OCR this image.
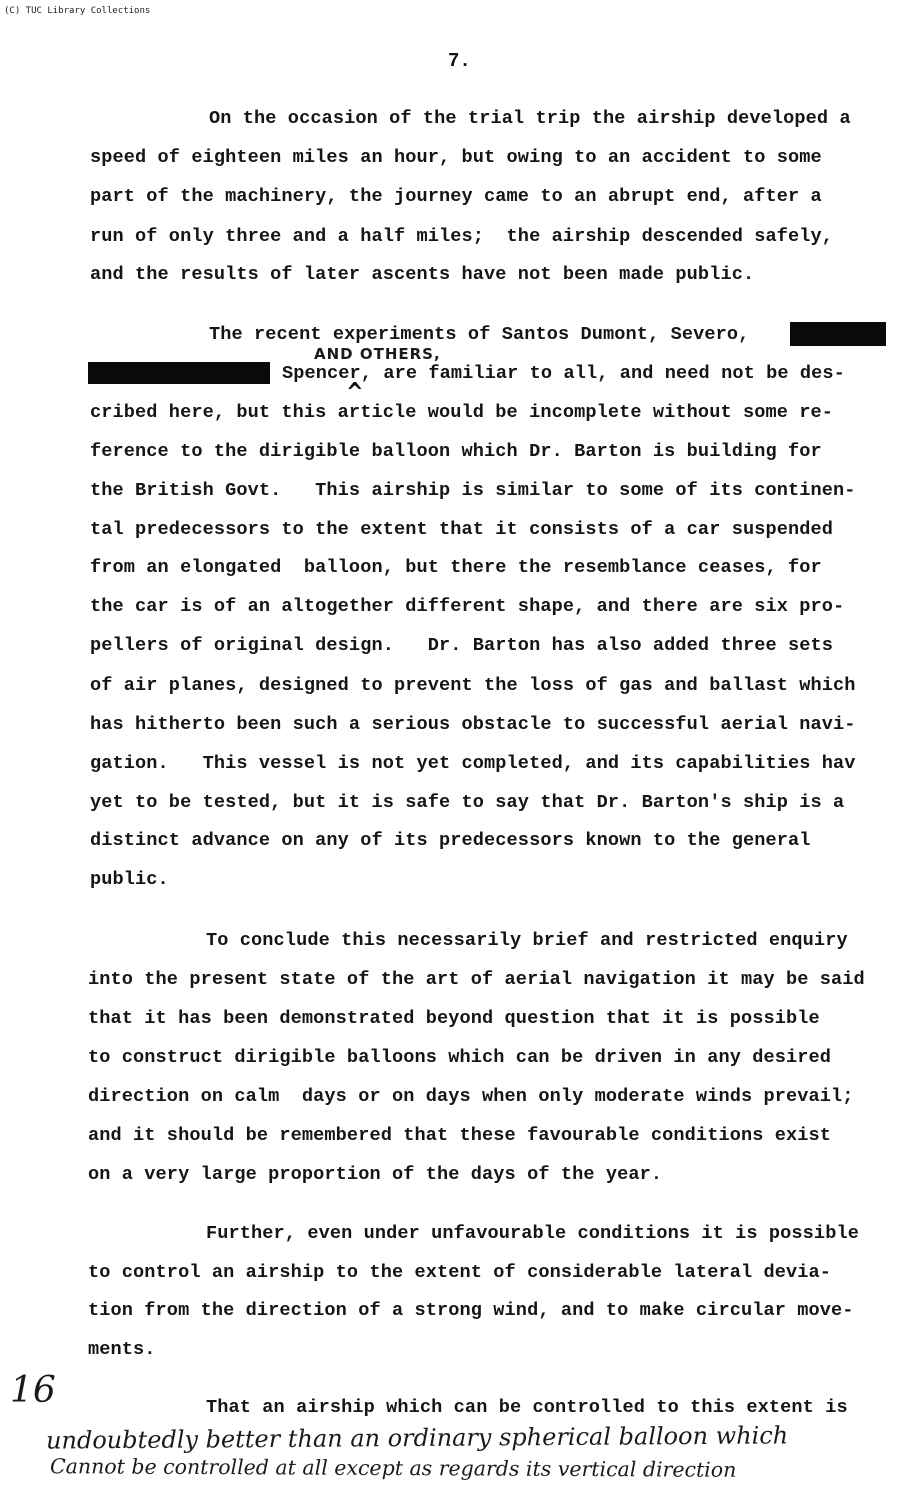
(C) TUC Library Collections
7.
On the occasion of the trial trip the airship developed a
speed of eighteen miles an hour, but owing to an accident to some
part of the machinery, the journey came to an abrupt end, after a
run of only three and a half miles;  the airship descended safely,
and the results of later ascents have not been made public.
The recent experiments of Santos Dumont, Severo,
AND OTHERS,
^
Spencer, are familiar to all, and need not be des-
cribed here, but this article would be incomplete without some re-
ference to the dirigible balloon which Dr. Barton is building for
the British Govt.   This airship is similar to some of its continen-
tal predecessors to the extent that it consists of a car suspended
from an elongated  balloon, but there the resemblance ceases, for
the car is of an altogether different shape, and there are six pro-
pellers of original design.   Dr. Barton has also added three sets
of air planes, designed to prevent the loss of gas and ballast which
has hitherto been such a serious obstacle to successful aerial navi-
gation.   This vessel is not yet completed, and its capabilities hav
yet to be tested, but it is safe to say that Dr. Barton's ship is a
distinct advance on any of its predecessors known to the general
public.
To conclude this necessarily brief and restricted enquiry
into the present state of the art of aerial navigation it may be said
that it has been demonstrated beyond question that it is possible
to construct dirigible balloons which can be driven in any desired
direction on calm  days or on days when only moderate winds prevail;
and it should be remembered that these favourable conditions exist
on a very large proportion of the days of the year.
Further, even under unfavourable conditions it is possible
to control an airship to the extent of considerable lateral devia-
tion from the direction of a strong wind, and to make circular move-
ments.
16	That an airship which can be controlled to this extent is
undoubtedly better than an ordinary spherical balloon which
Cannot be controlled at all except as regards its vertical direction
